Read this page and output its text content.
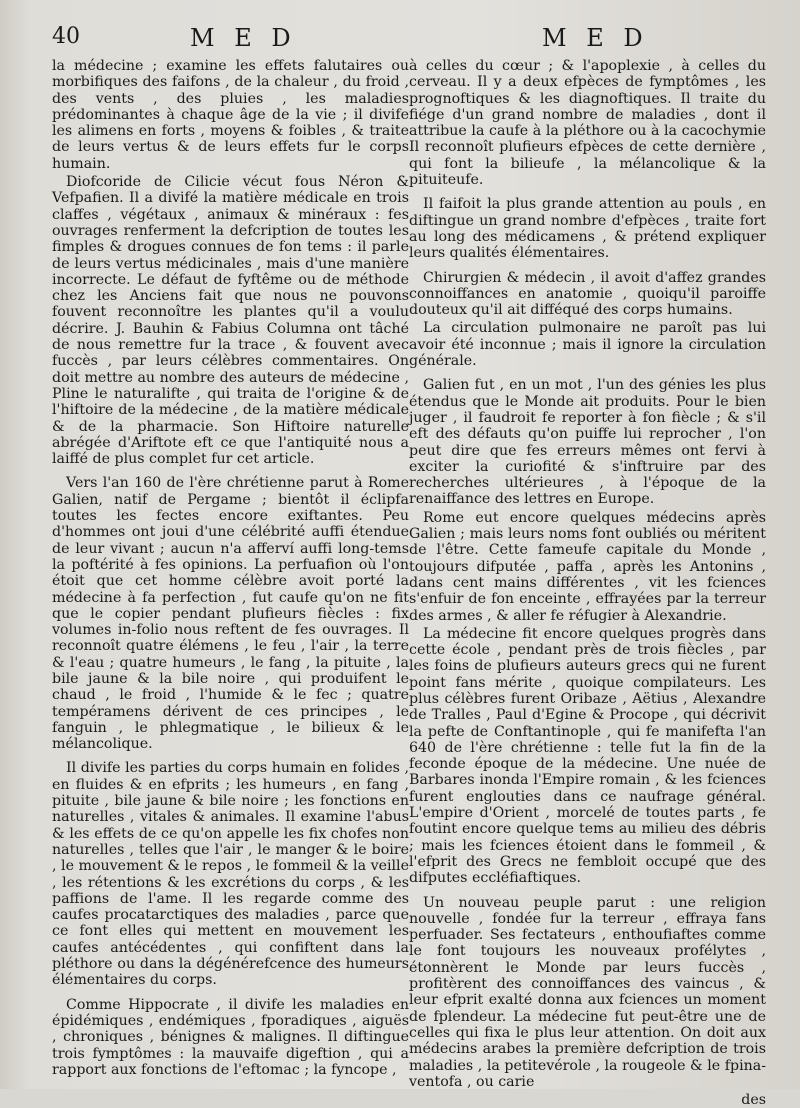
40	M E D	M E D

la médecine ; examine les effets falutaires ou morbifiques des faifons , de la chaleur , du froid , des vents , des pluies , les maladies prédominantes à chaque âge de la vie ; il divife les alimens en forts , moyens & foibles , & traite de leurs vertus & de leurs effets fur le corps humain.

Diofcoride de Cilicie vécut fous Néron & Vefpafien. Il a divifé la matière médicale en trois claffes , végétaux , animaux & minéraux : fes ouvrages renferment la defcription de toutes les fimples & drogues connues de fon tems : il parle de leurs vertus médicinales , mais d'une manière incorrecte. Le défaut de fyftême ou de méthode chez les Anciens fait que nous ne pouvons fouvent reconnoître les plantes qu'il a voulu décrire. J. Bauhin & Fabius Columna ont tâché de nous remettre fur la trace , & fouvent avec fuccès , par leurs célèbres commentaires. On doit mettre au nombre des auteurs de médecine , Pline le naturalifte , qui traita de l'origine & de l'hiftoire de la médecine , de la matière médicale & de la pharmacie. Son Hiftoire naturelle abrégée d'Ariftote eft ce que l'antiquité nous a laiffé de plus complet fur cet article.

Vers l'an 160 de l'ère chrétienne parut à Rome Galien, natif de Pergame ; bientôt il éclipfa toutes les fectes encore exiftantes. Peu d'hommes ont joui d'une célébrité auffi étendue de leur vivant ; aucun n'a afferví auffi long-tems la poftérité à fes opinions. La perfuafion où l'on étoit que cet homme célèbre avoit porté la médecine à fa perfection , fut caufe qu'on ne fit que le copier pendant plufieurs fiècles : fix volumes in-folio nous reftent de fes ouvrages. Il reconnoît quatre élémens , le feu , l'air , la terre & l'eau ; quatre humeurs , le fang , la pituite , la bile jaune & la bile noire , qui produifent le chaud , le froid , l'humide & le fec ; quatre tempéramens dérivent de ces principes , le fanguin , le phlegmatique , le bilieux & le mélancolique.

Il divife les parties du corps humain en folides , en fluides & en efprits ; les humeurs , en fang , pituite , bile jaune & bile noire ; les fonctions en naturelles , vitales & animales. Il examine l'abus & les effets de ce qu'on appelle les fix chofes non naturelles , telles que l'air , le manger & le boire , le mouvement & le repos , le fommeil & la veille , les rétentions & les excrétions du corps , & les paffions de l'ame. Il les regarde comme des caufes procatarctiques des maladies , parce que ce font elles qui mettent en mouvement les caufes antécédentes , qui confiftent dans la pléthore ou dans la dégénérefcence des humeurs élémentaires du corps.

Comme Hippocrate , il divife les maladies en épidémiques , endémiques , fporadiques , aiguës , chroniques , bénignes & malignes. Il diftingue trois fymptômes : la mauvaife digeftion , qui a rapport aux fonctions de l'eftomac ; la fyncope ,

à celles du cœur ; & l'apoplexie , à celles du cerveau. Il y a deux efpèces de fymptômes , les prognoftiques & les diagnoftiques. Il traite du fiége d'un grand nombre de maladies , dont il attribue la caufe à la pléthore ou à la cacochymie Il reconnoît plufieurs efpèces de cette dernière , qui font la bilieufe , la mélancolique & la pituiteufe.

Il faifoit la plus grande attention au pouls , en diftingue un grand nombre d'efpèces , traite fort au long des médicamens , & prétend expliquer leurs qualités élémentaires.

Chirurgien & médecin , il avoit d'affez grandes connoiffances en anatomie , quoiqu'il paroiffe douteux qu'il ait difféqué des corps humains.

La circulation pulmonaire ne paroît pas lui avoir été inconnue ; mais il ignore la circulation générale.

Galien fut , en un mot , l'un des génies les plus étendus que le Monde ait produits. Pour le bien juger , il faudroit fe reporter à fon fiècle ; & s'il eft des défauts qu'on puiffe lui reprocher , l'on peut dire que fes erreurs mêmes ont fervi à exciter la curiofité & s'inftruire par des recherches ultérieures , à l'époque de la renaiffance des lettres en Europe.

Rome eut encore quelques médecins après Galien ; mais leurs noms font oubliés ou méritent de l'être. Cette fameufe capitale du Monde , toujours difputée , paffa , après les Antonins , dans cent mains différentes , vit les fciences s'enfuir de fon enceinte , effrayées par la terreur des armes , & aller fe réfugier à Alexandrie.

La médecine fit encore quelques progrès dans cette école , pendant près de trois fiècles , par les foins de plufieurs auteurs grecs qui ne furent point fans mérite , quoique compilateurs. Les plus célèbres furent Oribaze , Aëtius , Alexandre de Tralles , Paul d'Egine & Procope , qui décrivit la pefte de Conftantinople , qui fe manifefta l'an 640 de l'ère chrétienne : telle fut la fin de la feconde époque de la médecine. Une nuée de Barbares inonda l'Empire romain , & les fciences furent englouties dans ce naufrage général. L'empire d'Orient , morcelé de toutes parts , fe foutint encore quelque tems au milieu des débris ; mais les fciences étoient dans le fommeil , & l'efprit des Grecs ne fembloit occupé que des difputes eccléfiaftiques.

Un nouveau peuple parut : une religion nouvelle , fondée fur la terreur , effraya fans perfuader. Ses fectateurs , enthoufiaftes comme le font toujours les nouveaux profélytes , étonnèrent le Monde par leurs fuccès , profitèrent des connoiffances des vaincus , & leur efprit exalté donna aux fciences un moment de fplendeur. La médecine fut peut-être une de celles qui fixa le plus leur attention. On doit aux médecins arabes la première defcription de trois maladies , la petitevérole , la rougeole & le fpina-ventofa , ou carie

des
